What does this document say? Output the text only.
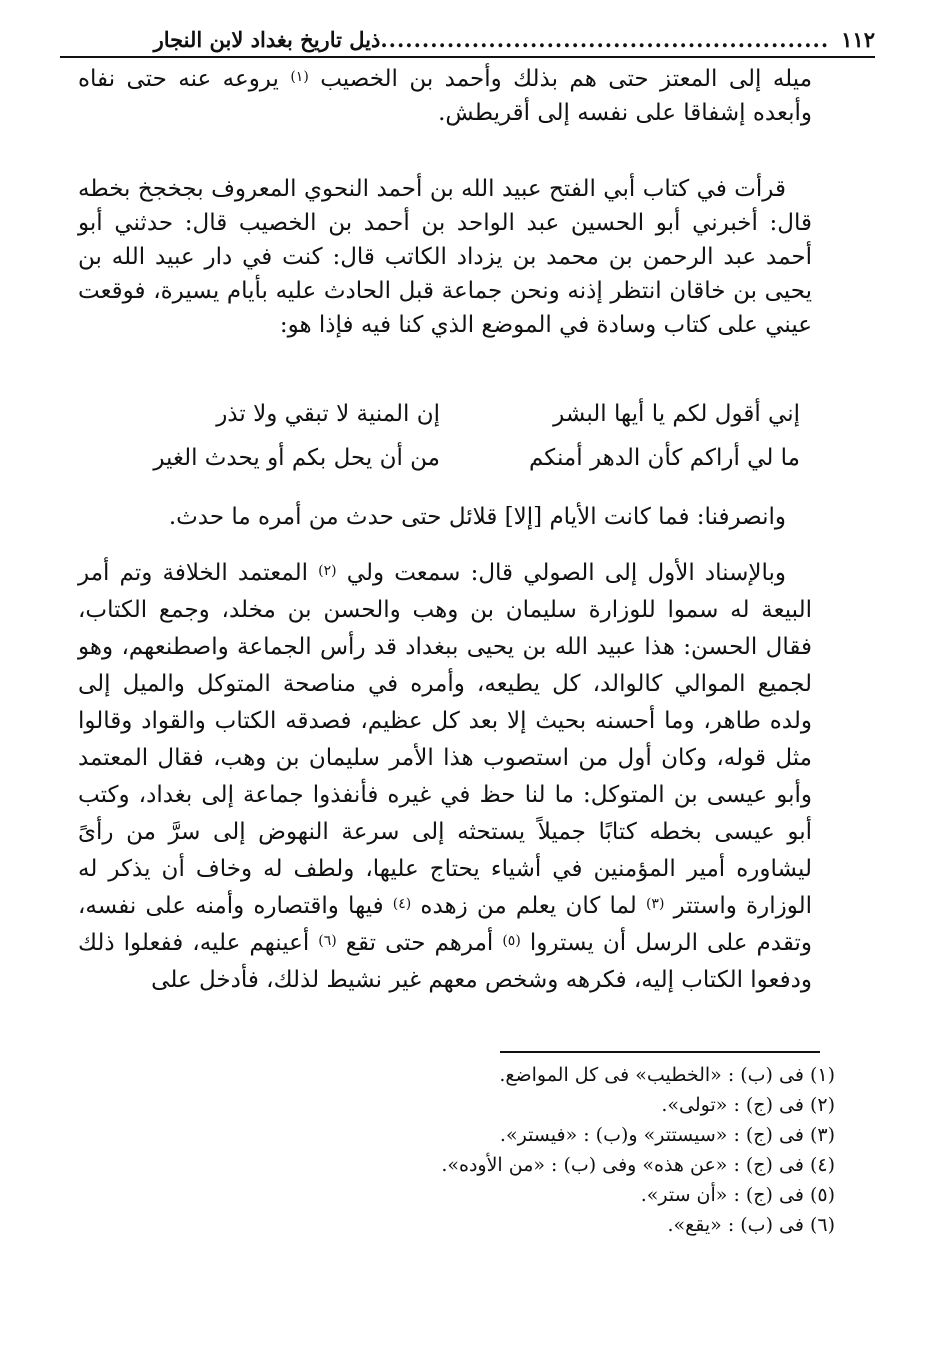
١١٢
......................................................
ذيل تاريخ بغداد لابن النجار
ميله إلى المعتز حتى هم بذلك وأحمد بن الخصيب $^{(١)}$ يروعه عنه حتى نفاه وأبعده إشفاقا على نفسه إلى أقريطش.
قرأت في كتاب أبي الفتح عبيد الله بن أحمد النحوي المعروف بجخجخ بخطه قال: أخبرني أبو الحسين عبد الواحد بن أحمد بن الخصيب قال: حدثني أبو أحمد عبد الرحمن بن محمد بن يزداد الكاتب قال: كنت في دار عبيد الله بن يحيى بن خاقان انتظر إذنه ونحن جماعة قبل الحادث عليه بأيام يسيرة، فوقعت عيني على كتاب وسادة في الموضع الذي كنا فيه فإذا هو:
إني أقول لكم يا أيها البشر
إن المنية لا تبقي ولا تذر
ما لي أراكم كأن الدهر أمنكم
من أن يحل بكم أو يحدث الغير
وانصرفنا: فما كانت الأيام [إلا] قلائل حتى حدث من أمره ما حدث.
وبالإسناد الأول إلى الصولي قال: سمعت ولي $^{(٢)}$ المعتمد الخلافة وتم أمر البيعة له سموا للوزارة سليمان بن وهب والحسن بن مخلد، وجمع الكتاب، فقال الحسن: هذا عبيد الله بن يحيى ببغداد قد رأس الجماعة واصطنعهم، وهو لجميع الموالي كالوالد، كل يطيعه، وأمره في مناصحة المتوكل والميل إلى ولده طاهر، وما أحسنه بحيث إلا بعد كل عظيم، فصدقه الكتاب والقواد وقالوا مثل قوله، وكان أول من استصوب هذا الأمر سليمان بن وهب، فقال المعتمد وأبو عيسى بن المتوكل: ما لنا حظ في غيره فأنفذوا جماعة إلى بغداد، وكتب أبو عيسى بخطه كتابًا جميلاً يستحثه إلى سرعة النهوض إلى سرَّ من رأىً ليشاوره أمير المؤمنين في أشياء يحتاج عليها، ولطف له وخاف أن يذكر له الوزارة واستتر $^{(٣)}$ لما كان يعلم من زهده $^{(٤)}$ فيها واقتصاره وأمنه على نفسه، وتقدم على الرسل أن يستروا $^{(٥)}$ أمرهم حتى تقع $^{(٦)}$ أعينهم عليه، ففعلوا ذلك ودفعوا الكتاب إليه، فكرهه وشخص معهم غير نشيط لذلك، فأدخل على
(١)
فى (ب) : «الخطيب» فى كل المواضع.
(٢)
فى (ج) : «تولى».
(٣)
فى (ج) : «سيستتر» و(ب) : «فيستر».
(٤)
فى (ج) : «عن هذه» وفى (ب) : «من الأوده».
(٥)
فى (ج) : «أن ستر».
(٦)
فى (ب) : «يقع».
